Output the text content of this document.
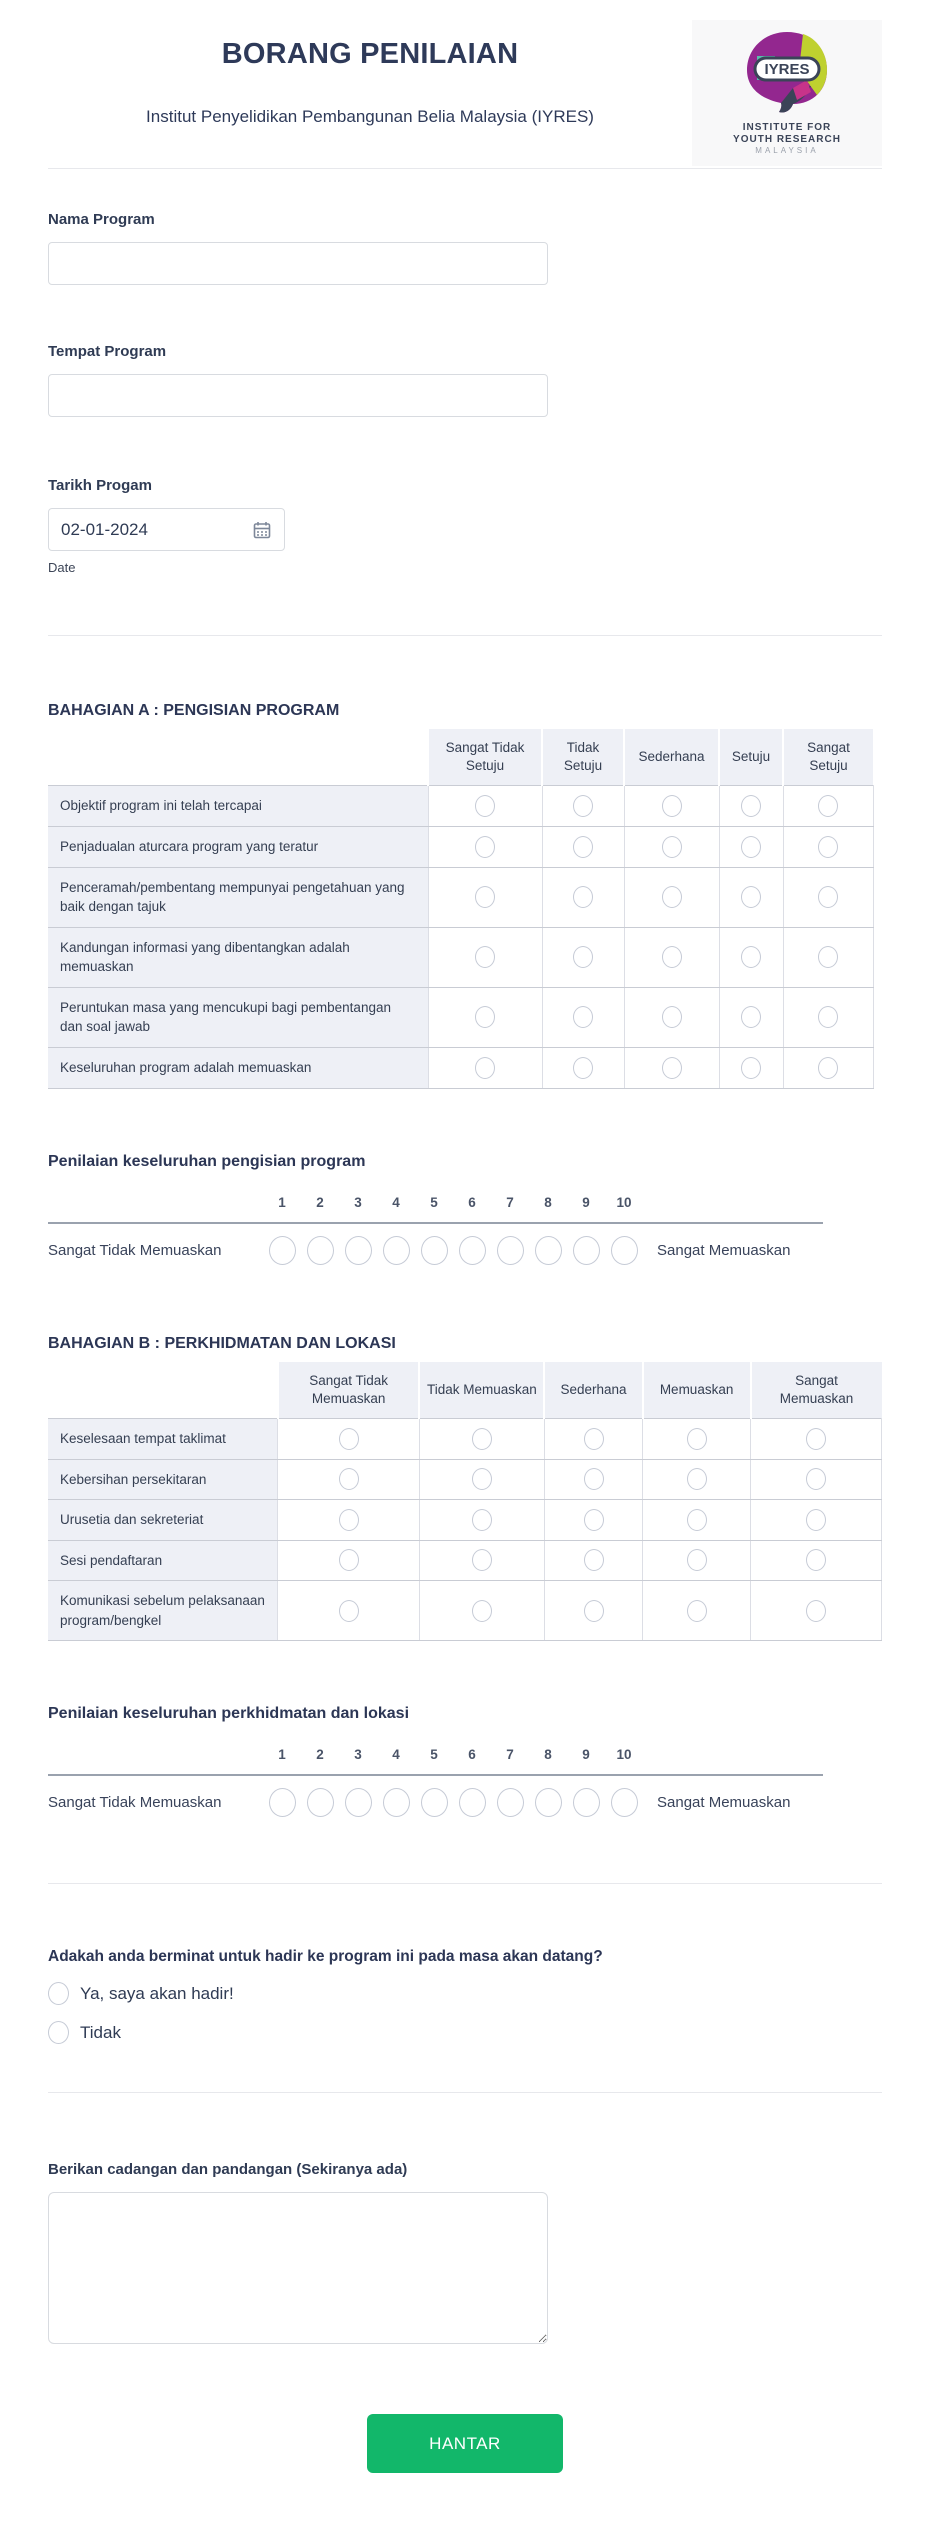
BORANG PENILAIAN
Institut Penyelidikan Pembangunan Belia Malaysia (IYRES)
IYRES
INSTITUTE FOR
YOUTH RESEARCH
MALAYSIA
Nama Program
Tempat Program
Tarikh Progam
02-01-2024
Date
BAHAGIAN A : PENGISIAN PROGRAM
	Sangat Tidak Setuju	Tidak Setuju	Sederhana	Setuju	Sangat Setuju
Objektif program ini telah tercapai					
Penjadualan aturcara program yang teratur					
Penceramah/pembentang mempunyai pengetahuan yang baik dengan tajuk					
Kandungan informasi yang dibentangkan adalah memuaskan					
Peruntukan masa yang mencukupi bagi pembentangan dan soal jawab					
Keseluruhan program adalah memuaskan					
Penilaian keseluruhan pengisian program
1	2	3	4	5	6	7	8	9	10
Sangat Tidak Memuaskan	Sangat Memuaskan
BAHAGIAN B : PERKHIDMATAN DAN LOKASI
	Sangat Tidak Memuaskan	Tidak Memuaskan	Sederhana	Memuaskan	Sangat Memuaskan
Keselesaan tempat taklimat					
Kebersihan persekitaran					
Urusetia dan sekreteriat					
Sesi pendaftaran					
Komunikasi sebelum pelaksanaan program/bengkel					
Penilaian keseluruhan perkhidmatan dan lokasi
1	2	3	4	5	6	7	8	9	10
Sangat Tidak Memuaskan	Sangat Memuaskan
Adakah anda berminat untuk hadir ke program ini pada masa akan datang?
Ya, saya akan hadir!
Tidak
Berikan cadangan dan pandangan (Sekiranya ada)
HANTAR
